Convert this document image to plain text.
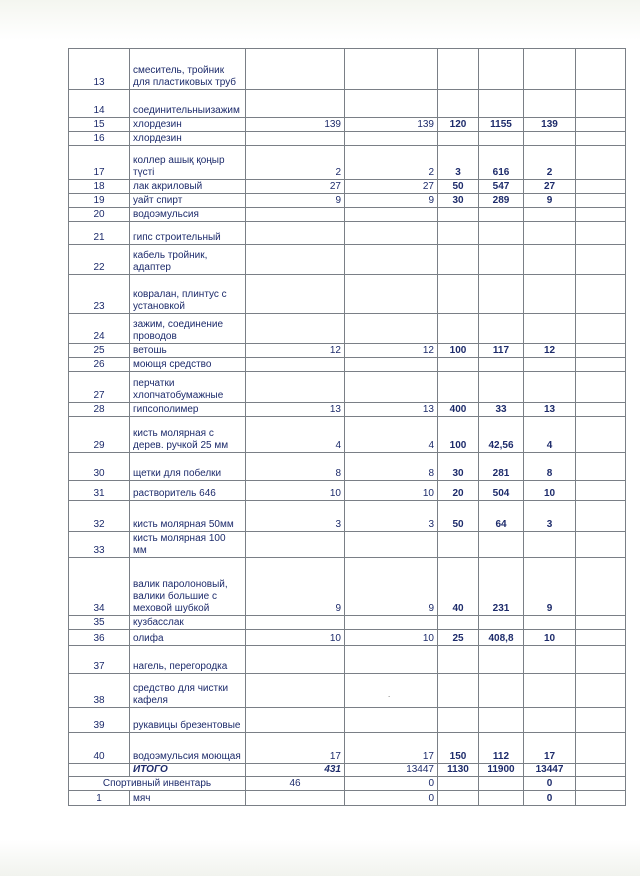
13	смеситель, тройник для пластиковых труб						
14	соединительныизажим						
15	хлордезин	139	139	120	1155	139	
16	хлордезин						
17	коллер ашық қоңыр түсті	2	2	3	616	2	
18	лак акриловый	27	27	50	547	27	
19	уайт спирт	9	9	30	289	9	
20	водоэмульсия						
21	гипс строительный						
22	кабель тройник, адаптер						
23	ковралан, плинтус с установкой						
24	зажим, соединение проводов						
25	ветошь	12	12	100	117	12	
26	моющя средство						
27	перчатки хлопчатобумажные						
28	гипсополимер	13	13	400	33	13	
29	кисть молярная с дерев. ручкой 25 мм	4	4	100	42,56	4	
30	щетки для побелки	8	8	30	281	8	
31	растворитель 646	10	10	20	504	10	
32	кисть молярная 50мм	3	3	50	64	3	
33	кисть молярная 100 мм						
34	валик паролоновый, валики большие с меховой шубкой	9	9	40	231	9	
35	кузбасслак						
36	олифа	10	10	25	408,8	10	
37	нагель, перегородка						
38	средство для чистки кафеля						
39	рукавицы брезентовые						
40	водоэмульсия моющая	17	17	150	112	17	
	ИТОГО	431	13447	1130	11900	13447	
Спортивный инвентарь		46	0			0	
1	мяч		0			0	
.
